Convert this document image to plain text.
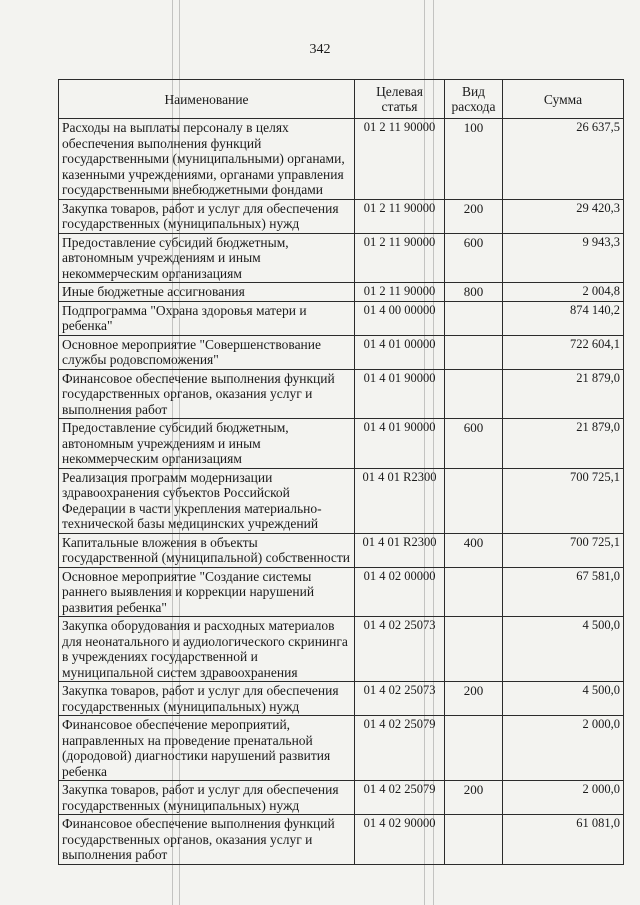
342
Наименование	Целевая статья	Вид расхода	Сумма
Расходы на выплаты персоналу в целях обеспечения выполнения функций государственными (муниципальными) органами, казенными учреждениями, органами управления государственными внебюджетными фондами	01 2 11 90000	100	26 637,5
Закупка товаров, работ и услуг для обеспечения государственных (муниципальных) нужд	01 2 11 90000	200	29 420,3
Предоставление субсидий бюджетным, автономным учреждениям и иным некоммерческим организациям	01 2 11 90000	600	9 943,3
Иные бюджетные ассигнования	01 2 11 90000	800	2 004,8
Подпрограмма "Охрана здоровья матери и ребенка"	01 4 00 00000		874 140,2
Основное мероприятие "Совершенствование службы родовспоможения"	01 4 01 00000		722 604,1
Финансовое обеспечение выполнения функций государственных органов, оказания услуг и выполнения работ	01 4 01 90000		21 879,0
Предоставление субсидий бюджетным, автономным учреждениям и иным некоммерческим организациям	01 4 01 90000	600	21 879,0
Реализация программ модернизации здравоохранения субъектов Российской Федерации в части укрепления материально-технической базы медицинских учреждений	01 4 01 R2300		700 725,1
Капитальные вложения в объекты государственной (муниципальной) собственности	01 4 01 R2300	400	700 725,1
Основное мероприятие "Создание системы раннего выявления и коррекции нарушений развития ребенка"	01 4 02 00000		67 581,0
Закупка оборудования и расходных материалов для неонатального и аудиологического скрининга в учреждениях государственной и муниципальной систем здравоохранения	01 4 02 25073		4 500,0
Закупка товаров, работ и услуг для обеспечения государственных (муниципальных) нужд	01 4 02 25073	200	4 500,0
Финансовое обеспечение мероприятий, направленных на проведение пренатальной (дородовой) диагностики нарушений развития ребенка	01 4 02 25079		2 000,0
Закупка товаров, работ и услуг для обеспечения государственных (муниципальных) нужд	01 4 02 25079	200	2 000,0
Финансовое обеспечение выполнения функций государственных органов, оказания услуг и выполнения работ	01 4 02 90000		61 081,0
